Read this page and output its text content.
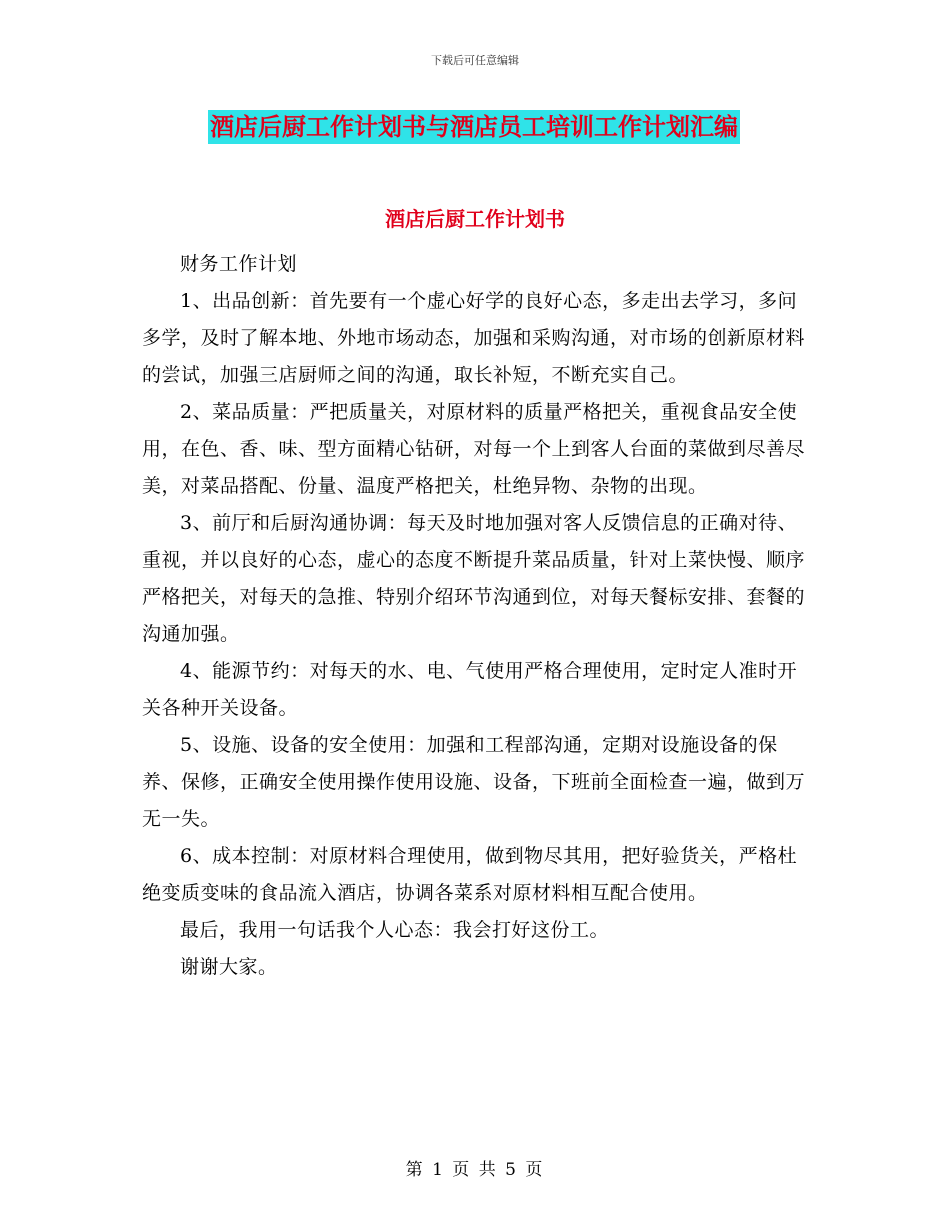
下载后可任意编辑
酒店后厨工作计划书与酒店员工培训工作计划汇编
酒店后厨工作计划书

财务工作计划

1、出品创新：首先要有一个虚心好学的良好心态，多走出去学习，多问多学，及时了解本地、外地市场动态，加强和采购沟通，对市场的创新原材料的尝试，加强三店厨师之间的沟通，取长补短，不断充实自己。

2、菜品质量：严把质量关，对原材料的质量严格把关，重视食品安全使用，在色、香、味、型方面精心钻研，对每一个上到客人台面的菜做到尽善尽美，对菜品搭配、份量、温度严格把关，杜绝异物、杂物的出现。

3、前厅和后厨沟通协调：每天及时地加强对客人反馈信息的正确对待、重视，并以良好的心态，虚心的态度不断提升菜品质量，针对上菜快慢、顺序严格把关，对每天的急推、特别介绍环节沟通到位，对每天餐标安排、套餐的沟通加强。

4、能源节约：对每天的水、电、气使用严格合理使用，定时定人准时开关各种开关设备。

5、设施、设备的安全使用：加强和工程部沟通，定期对设施设备的保养、保修，正确安全使用操作使用设施、设备，下班前全面检查一遍，做到万无一失。

6、成本控制：对原材料合理使用，做到物尽其用，把好验货关，严格杜绝变质变味的食品流入酒店，协调各菜系对原材料相互配合使用。

最后，我用一句话我个人心态：我会打好这份工。

谢谢大家。

第 1 页 共 5 页
